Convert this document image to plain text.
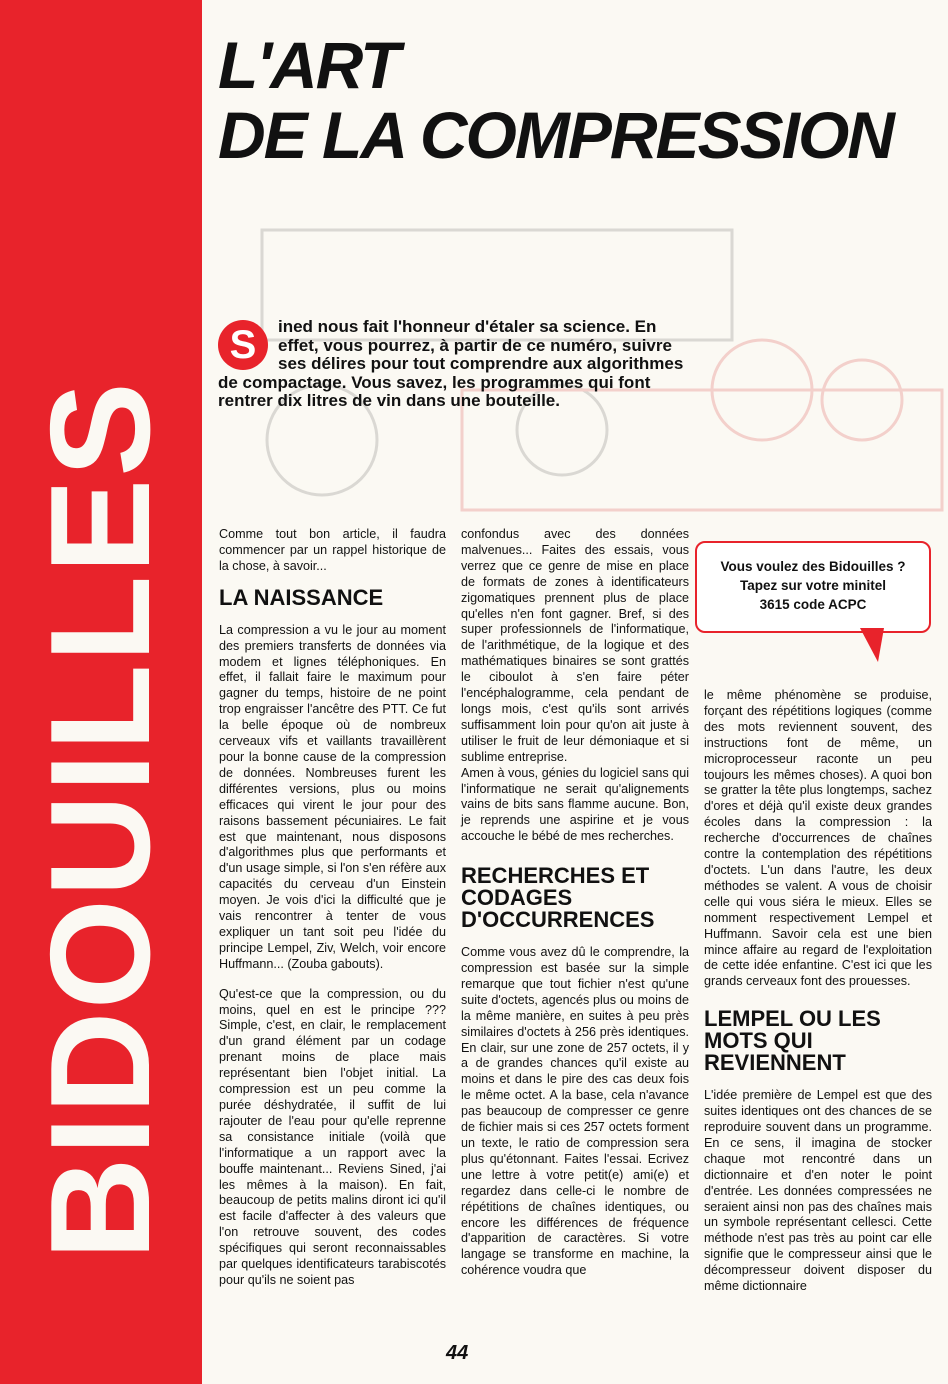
BIDOUILLES
L'ART
DE LA COMPRESSION
S	ined nous fait l'honneur d'étaler sa science. En effet, vous pourrez, à partir de ce numéro, suivre ses délires pour tout comprendre aux algorithmes de compactage. Vous savez, les programmes qui font rentrer dix litres de vin dans une bouteille.

Comme tout bon article, il faudra commencer par un rappel historique de la chose, à savoir...

LA NAISSANCE

La compression a vu le jour au moment des premiers transferts de données via modem et lignes téléphoniques. En effet, il fallait faire le maximum pour gagner du temps, histoire de ne point trop engraisser l'ancêtre des PTT. Ce fut la belle époque où de nombreux cerveaux vifs et vaillants travaillèrent pour la bonne cause de la compression de données. Nombreuses furent les différentes versions, plus ou moins efficaces qui virent le jour pour des raisons bassement pécuniaires. Le fait est que maintenant, nous disposons d'algorithmes plus que performants et d'un usage simple, si l'on s'en réfère aux capacités du cerveau d'un Einstein moyen. Je vois d'ici la difficulté que je vais rencontrer à tenter de vous expliquer un tant soit peu l'idée du principe Lempel, Ziv, Welch, voir encore Huffmann... (Zouba gabouts).

Qu'est-ce que la compression, ou du moins, quel en est le principe ??? Simple, c'est, en clair, le remplacement d'un grand élément par un codage prenant moins de place mais représentant bien l'objet initial. La compression est un peu comme la purée déshydratée, il suffit de lui rajouter de l'eau pour qu'elle reprenne sa consistance initiale (voilà que l'informatique a un rapport avec la bouffe maintenant... Reviens Sined, j'ai les mêmes à la maison). En fait, beaucoup de petits malins diront ici qu'il est facile d'affecter à des valeurs que l'on retrouve souvent, des codes spécifiques qui seront reconnaissables par quelques identificateurs tarabiscotés pour qu'ils ne soient pas

confondus avec des données malvenues... Faites des essais, vous verrez que ce genre de mise en place de formats de zones à identificateurs zigomatiques prennent plus de place qu'elles n'en font gagner. Bref, si des super professionnels de l'informatique, de l'arithmétique, de la logique et des mathématiques binaires se sont grattés le ciboulot à s'en faire péter l'encéphalogramme, cela pendant de longs mois, c'est qu'ils sont arrivés suffisamment loin pour qu'on ait juste à utiliser le fruit de leur démoniaque et si sublime entreprise.

Amen à vous, génies du logiciel sans qui l'informatique ne serait qu'alignements vains de bits sans flamme aucune. Bon, je reprends une aspirine et je vous accouche le bébé de mes recherches.

RECHERCHES ET CODAGES D'OCCURRENCES

Comme vous avez dû le comprendre, la compression est basée sur la simple remarque que tout fichier n'est qu'une suite d'octets, agencés plus ou moins de la même manière, en suites à peu près similaires d'octets à 256 près identiques. En clair, sur une zone de 257 octets, il y a de grandes chances qu'il existe au moins et dans le pire des cas deux fois le même octet. A la base, cela n'avance pas beaucoup de compresser ce genre de fichier mais si ces 257 octets forment un texte, le ratio de compression sera plus qu'étonnant. Faites l'essai. Ecrivez une lettre à votre petit(e) ami(e) et regardez dans celle-ci le nombre de répétitions de chaînes identiques, ou encore les différences de fréquence d'apparition de caractères. Si votre langage se transforme en machine, la cohérence voudra que

Vous voulez des Bidouilles ?
Tapez sur votre minitel
3615 code ACPC

le même phénomène se produise, forçant des répétitions logiques (comme des mots reviennent souvent, des instructions font de même, un microprocesseur raconte un peu toujours les mêmes choses). A quoi bon se gratter la tête plus longtemps, sachez d'ores et déjà qu'il existe deux grandes écoles dans la compression : la recherche d'occurrences de chaînes contre la contemplation des répétitions d'octets. L'un dans l'autre, les deux méthodes se valent. A vous de choisir celle qui vous siéra le mieux. Elles se nomment respectivement Lempel et Huffmann. Savoir cela est une bien mince affaire au regard de l'exploitation de cette idée enfantine. C'est ici que les grands cerveaux font des prouesses.

LEMPEL OU LES MOTS QUI REVIENNENT

L'idée première de Lempel est que des suites identiques ont des chances de se reproduire souvent dans un programme. En ce sens, il imagina de stocker chaque mot rencontré dans un dictionnaire et d'en noter le point d'entrée. Les données compressées ne seraient ainsi non pas des chaînes mais un symbole représentant cellesci. Cette méthode n'est pas très au point car elle signifie que le compresseur ainsi que le décompresseur doivent disposer du même dictionnaire

44
